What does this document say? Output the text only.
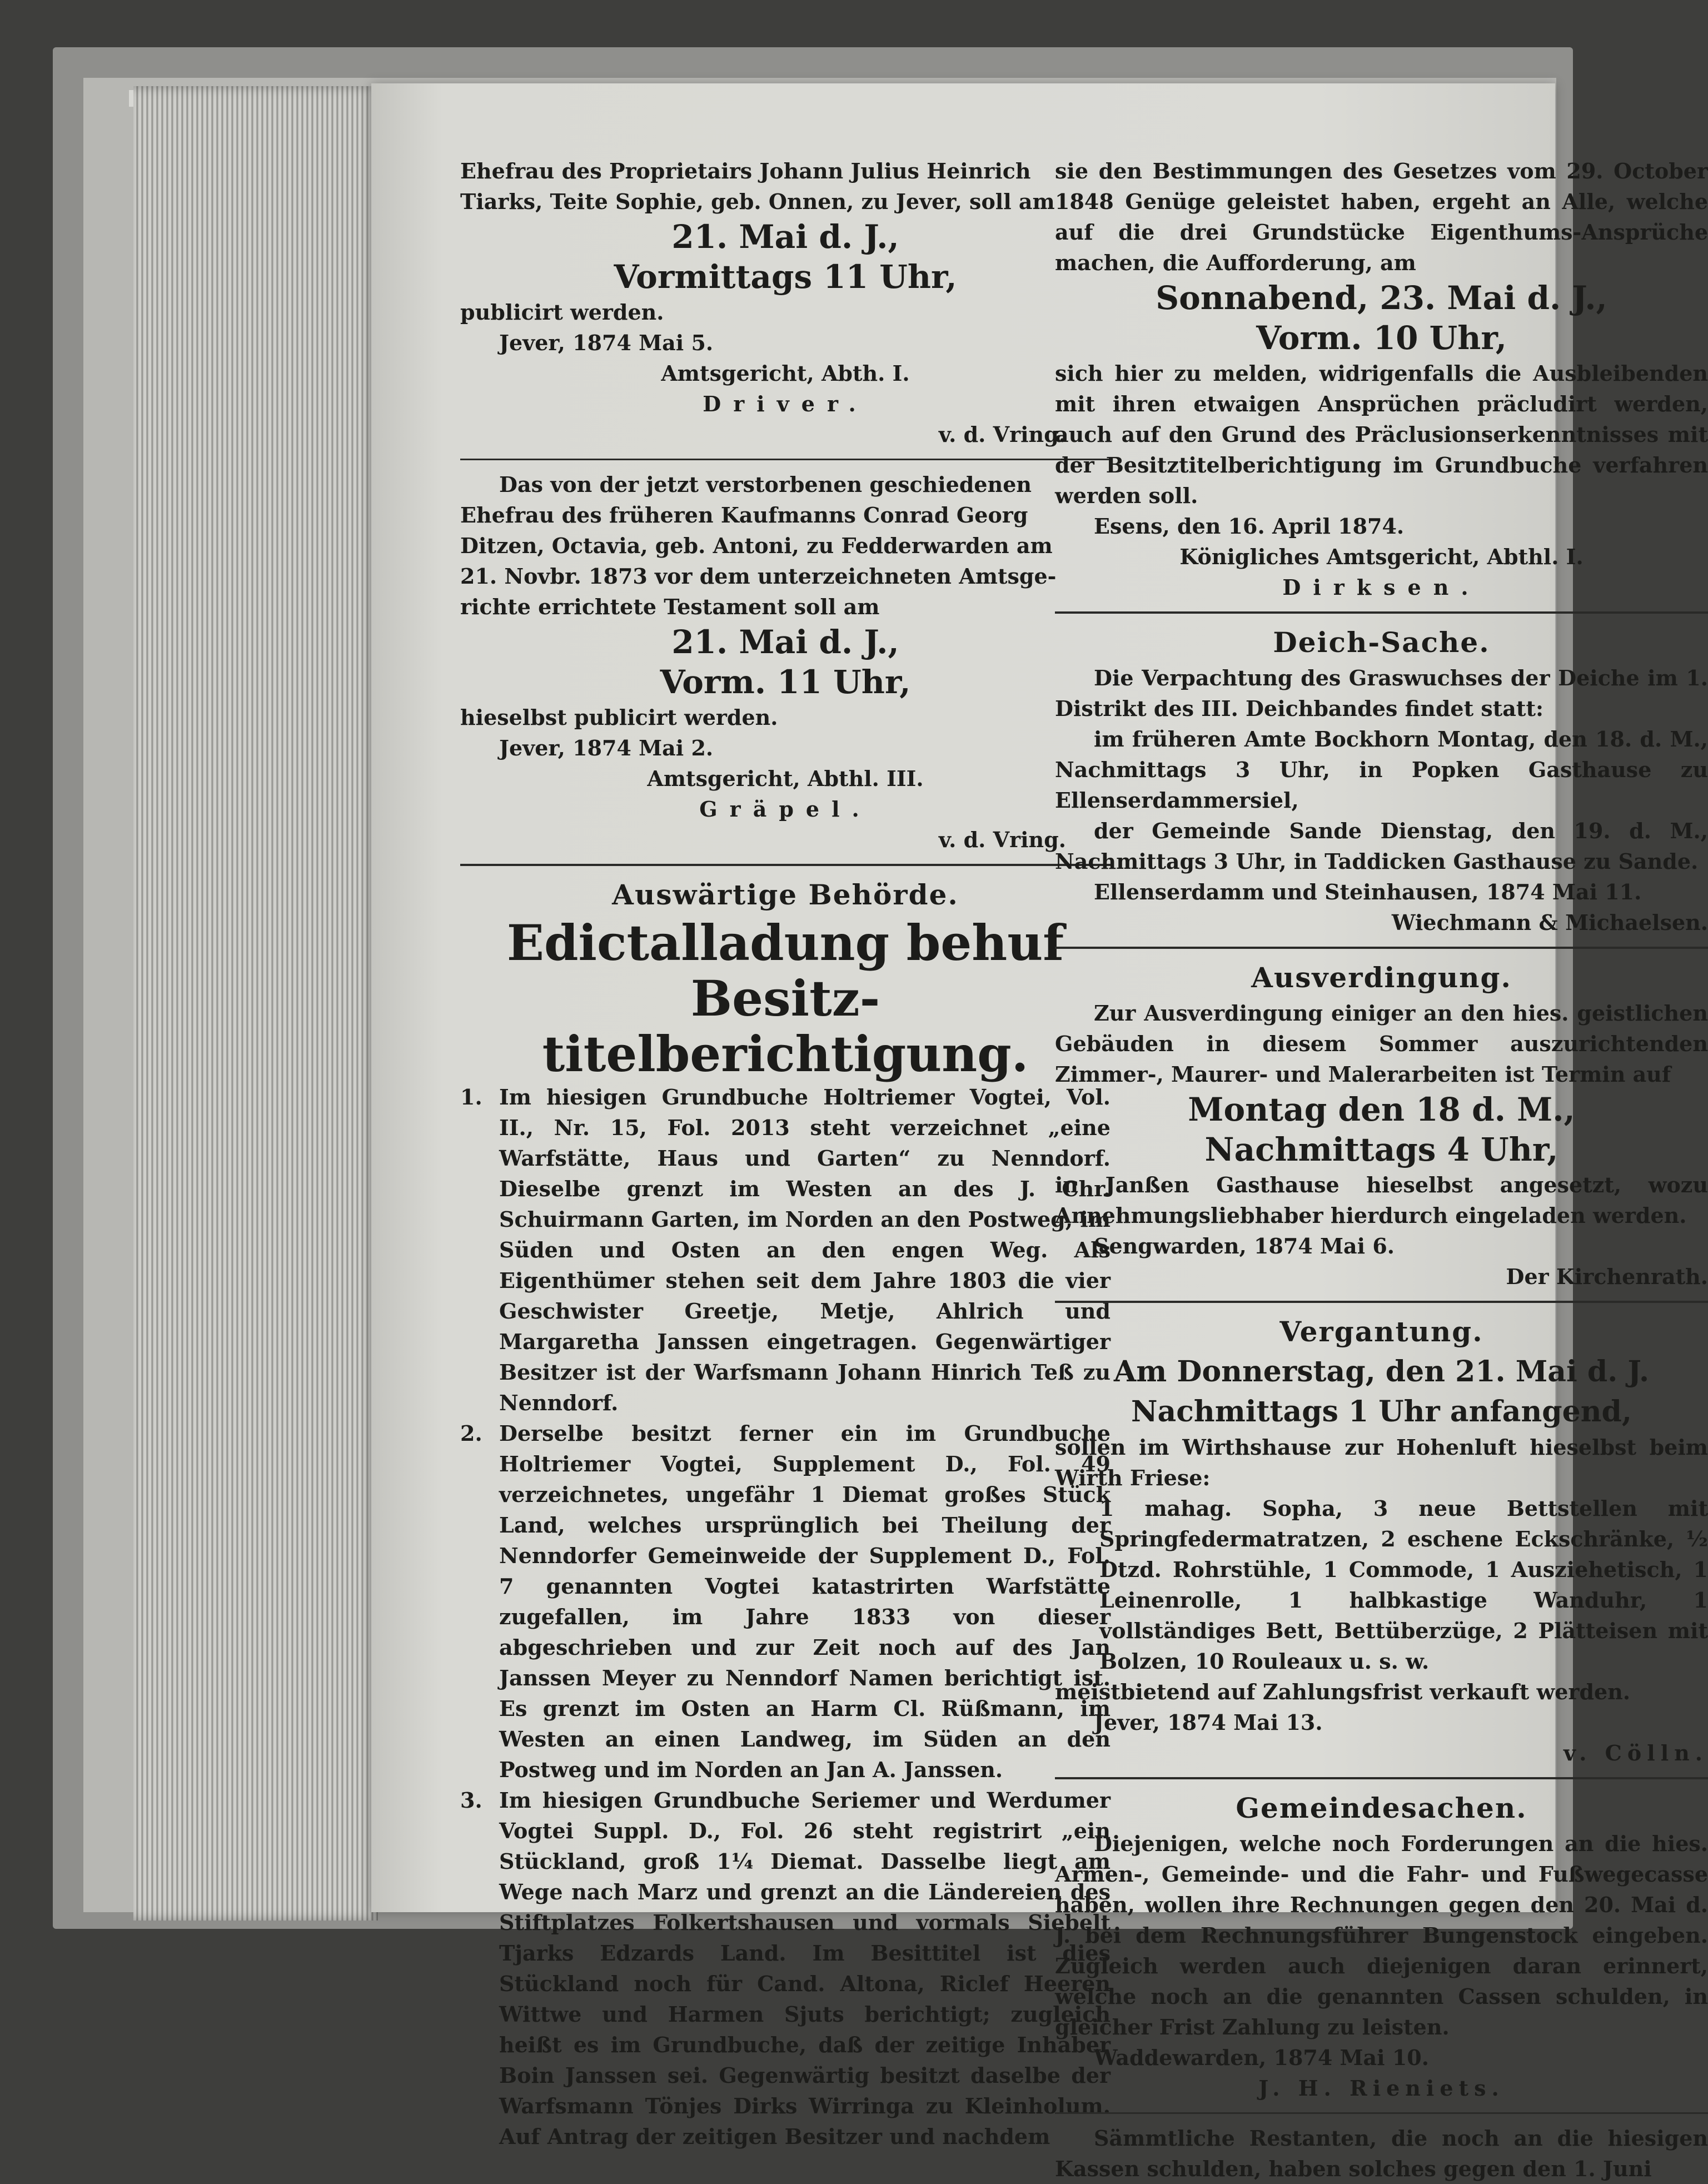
Ehefrau des Proprietairs Johann Julius Heinrich

Tiarks, Teite Sophie, geb. Onnen, zu Jever, soll am

21. Mai d. J.,
Vormittags 11 Uhr,

publicirt werden.

Jever, 1874 Mai 5.

Amtsgericht, Abth. I.
Driver.
v. d. Vring.

Das von der jetzt verstorbenen geschiedenen

Ehefrau des früheren Kaufmanns Conrad Georg

Ditzen, Octavia, geb. Antoni, zu Fedderwarden am

21. Novbr. 1873 vor dem unterzeichneten Amtsge-

richte errichtete Testament soll am

21. Mai d. J.,
Vorm. 11 Uhr,

hieselbst publicirt werden.

Jever, 1874 Mai 2.

Amtsgericht, Abthl. III.
Gräpel.
v. d. Vring.
Auswärtige Behörde.
Edictalladung behuf Besitz-
titelberichtigung.
1. Im hiesigen Grundbuche Holtriemer Vogtei, Vol. II., Nr. 15, Fol. 2013 steht verzeichnet „eine Warfstätte, Haus und Garten“ zu Nenndorf. Dieselbe grenzt im Westen an des J. Chr. Schuirmann Garten, im Norden an den Postweg, im Süden und Osten an den engen Weg. Als Eigenthümer stehen seit dem Jahre 1803 die vier Geschwister Greetje, Metje, Ahlrich und Margaretha Janssen eingetragen. Gegenwärtiger Besitzer ist der Warfsmann Johann Hinrich Teß zu Nenndorf.

2. Derselbe besitzt ferner ein im Grundbuche Holtriemer Vogtei, Supplement D., Fol. 49 verzeichnetes, ungefähr 1 Diemat großes Stück Land, welches ursprünglich bei Theilung der Nenndorfer Gemeinweide der Supplement D., Fol. 7 genannten Vogtei katastrirten Warfstätte zugefallen, im Jahre 1833 von dieser abgeschrieben und zur Zeit noch auf des Jan Janssen Meyer zu Nenndorf Namen berichtigt ist. Es grenzt im Osten an Harm Cl. Rüßmann, im Westen an einen Landweg, im Süden an den Postweg und im Norden an Jan A. Janssen.

3. Im hiesigen Grundbuche Seriemer und Werdumer Vogtei Suppl. D., Fol. 26 steht registrirt „ein Stückland, groß 1¼ Diemat. Dasselbe liegt am Wege nach Marz und grenzt an die Ländereien des Stiftplatzes Folkertshausen und vormals Siebelt Tjarks Edzards Land. Im Besittitel ist dies Stückland noch für Cand. Altona, Riclef Heeren Wittwe und Harmen Sjuts berichtigt; zugleich heißt es im Grundbuche, daß der zeitige Inhaber Boin Janssen sei. Gegenwärtig besitzt daselbe der Warfsmann Tönjes Dirks Wirringa zu Kleinholum. Auf Antrag der zeitigen Besitzer und nachdem

sie den Bestimmungen des Gesetzes vom 29. October 1848 Genüge geleistet haben, ergeht an Alle, welche auf die drei Grundstücke Eigenthums-Ansprüche machen, die Aufforderung, am

Sonnabend, 23. Mai d. J.,
Vorm. 10 Uhr,

sich hier zu melden, widrigenfalls die Ausbleibenden mit ihren etwaigen Ansprüchen präcludirt werden, auch auf den Grund des Präclusionserkenntnisses mit der Besitztitelberichtigung im Grundbuche verfahren werden soll.

Esens, den 16. April 1874.

Königliches Amtsgericht, Abthl. I.
Dirksen.
Deich-Sache.

Die Verpachtung des Graswuchses der Deiche im 1. Distrikt des III. Deichbandes findet statt:

im früheren Amte Bockhorn Montag, den 18. d. M., Nachmittags 3 Uhr, in Popken Gasthause zu Ellenserdammersiel,

der Gemeinde Sande Dienstag, den 19. d. M., Nachmittags 3 Uhr, in Taddicken Gasthause zu Sande.

Ellenserdamm und Steinhausen, 1874 Mai 11.

Wiechmann & Michaelsen.
Ausverdingung.

Zur Ausverdingung einiger an den hies. geistlichen Gebäuden in diesem Sommer auszurichtenden Zimmer-, Maurer- und Malerarbeiten ist Termin auf

Montag den 18 d. M.,
Nachmittags 4 Uhr,

in Janßen Gasthause hieselbst angesetzt, wozu Annehmungsliebhaber hierdurch eingeladen werden.

Sengwarden, 1874 Mai 6.

Der Kirchenrath.
Vergantung.
Am Donnerstag, den 21. Mai d. J.
Nachmittags 1 Uhr anfangend,

sollen im Wirthshause zur Hohenluft hieselbst beim Wirth Friese:

1 mahag. Sopha, 3 neue Bettstellen mit Springfedermatratzen, 2 eschene Eckschränke, ½ Dtzd. Rohrstühle, 1 Commode, 1 Ausziehetisch, 1 Leinenrolle, 1 halbkastige Wanduhr, 1 vollständiges Bett, Bettüberzüge, 2 Plätteisen mit Bolzen, 10 Rouleaux u. s. w.

meistbietend auf Zahlungsfrist verkauft werden.

Jever, 1874 Mai 13.

v. Cölln.
Gemeindesachen.

Diejenigen, welche noch Forderungen an die hies. Armen-, Gemeinde- und die Fahr- und Fußwegecasse haben, wollen ihre Rechnungen gegen den 20. Mai d. J. bei dem Rechnungsführer Bungenstock eingeben. Zugleich werden auch diejenigen daran erinnert, welche noch an die genannten Cassen schulden, in gleicher Frist Zahlung zu leisten.

Waddewarden, 1874 Mai 10.

J. H. Rieniets.

Sämmtliche Restanten, die noch an die hiesigen Kassen schulden, haben solches gegen den 1. Juni
